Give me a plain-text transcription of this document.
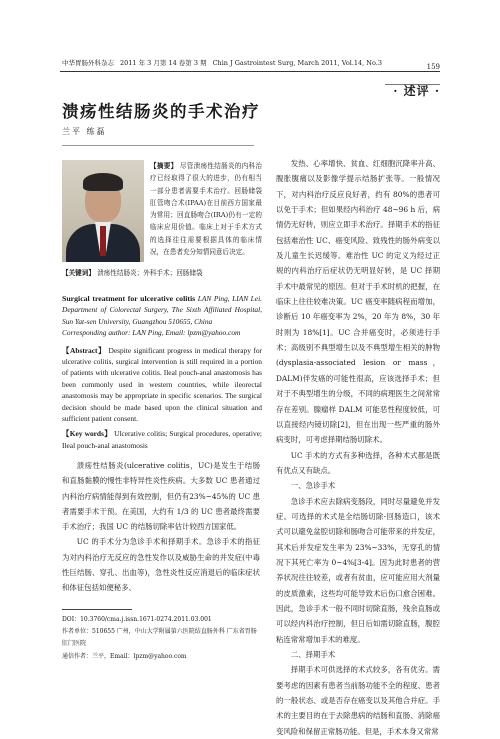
中华胃肠外科杂志 2011 年 3 月第 14 卷第 3 期 Chin J Gastrointest Surg, March 2011, Vol.14, No.3	159
· 述评 ·
溃疡性结肠炎的手术治疗
兰平 练磊
【摘要】 尽管溃疡性结肠炎的内科治疗已经取得了很大的进步，仍有相当一部分患者需要手术治疗。回肠储袋肛管吻合术(IPAA)在目前西方国家最为常用；回直肠吻合(IRA)仍有一定的临床应用价值。临床上对于手术方式的选择往往需要根据具体的临床情况，在患者充分知情同意后决定。
【关键词】 溃疡性结肠炎；外科手术；回肠储袋
Surgical treatment for ulcerative colitis LAN Ping, LIAN Lei. Department of Colorectal Surgery, The Sixth Affiliated Hospital, Sun Yat-sen University, Guangzhou 510655, China
Corresponding author: LAN Ping, Email: lpzm@yahoo.com
【Abstract】 Despite significant progress in medical therapy for ulcerative colitis, surgical intervention is still required in a portion of patients with ulcerative colitis. Ileal pouch-anal anastomosis has been commonly used in western countries, while ileorectal anastomosis may be appropriate in specific scenarios. The surgical decision should be made based upon the clinical situation and sufficient patient consent.
【Key words】 Ulcerative colitis; Surgical procedures, operative; Ileal pouch-anal anastomosis

溃疡性结肠炎(ulcerative colitis，UC)是发生于结肠和直肠黏膜的慢性非特异性炎性疾病。大多数 UC 患者通过内科治疗病情能得到有效控制，但仍有23%~45%的 UC 患者需要手术干预。在美国，大约有 1/3 的 UC 患者最终需要手术治疗；我国 UC 的结肠切除率估计较西方国家低。

UC 的手术分为急诊手术和择期手术。急诊手术的指征为对内科治疗无反应的急性发作以及威胁生命的并发症(中毒性巨结肠、穿孔、出血等)，急性炎性反应消退后的临床症状和体征包括如便秘多、

DOI：10.3760/cma.j.issn.1671-0274.2011.03.001
作者单位：510655 广州，中山大学附属第六医院结直肠外科 广东省胃肠肛门医院
通信作者：兰平，Email：lpzm@yahoo.com

发热、心率增快、贫血、红细胞沉降率升高、腹胀腹痛以及影像学提示结肠扩张等。一般情况下，对内科治疗反应良好者，约有 80%的患者可以免于手术；但如果经内科治疗 48~96 h 后，病情仍无好转，则应立即手术治疗。择期手术的指征包括难治性 UC、癌变风险、致残性的肠外病变以及儿童生长迟缓等。难治性 UC 的定义为经过正规的内科治疗后症状仍无明显好转，是 UC 择期手术中最常见的原因。但对于手术时机的把握，在临床上往往较难决策。UC 癌变率随病程而增加，诊断后 10 年癌变率为 2%，20 年为 8%，30 年时则为 18%[1]。UC 合并癌变时，必须进行手术；高级别不典型增生以及不典型增生相关的肿物(dysplasia-associated lesion or mass，DALM)伴发癌的可能性很高，应该选择手术；但对于不典型增生的分级，不同的病理医生之间常常存在差别。腺瘤样 DALM 可能恶性程度较低，可以直接经内镜切除[2]，但在出现一些严重的肠外病变时，可考虑择期结肠切除术。

UC 手术的方式有多种选择，各种术式都是既有优点又有缺点。

一、急诊手术

急诊手术应去除病变肠段，同时尽量避免并发症。可选择的术式是全结肠切除-回肠造口，该术式可以避免盆腔切除和肠吻合可能带来的并发症，其术后并发症发生率为 23%~33%，无穿孔的情况下其死亡率为 0~4%[3-4]。因为此时患者的营养状况往往较差，或者有贫血，应可能应用大剂量的皮质激素，这些均可能导致术后伤口愈合困难。因此，急诊手术一般不同时切除直肠，残余直肠或可以经内科治疗控制，但日后如需切除直肠，腹腔粘连常常增加手术的难度。

二、择期手术

择期手术可供选择的术式较多，各有优劣。需要考虑的因素有患者当前肠功能不全的程度、患者的一般状态、或是否存在癌变以及其他合并症。手术的主要目的在于去除患病的结肠和直肠、消除癌变风险和保留正常肠功能。但是，手术本身又常常
